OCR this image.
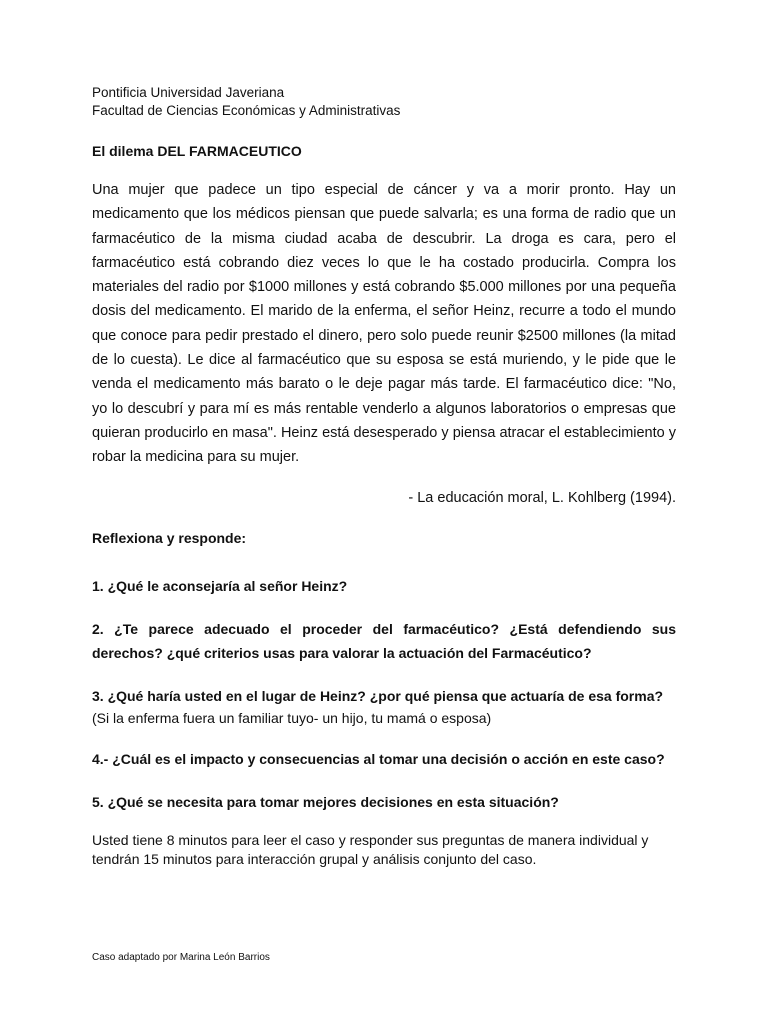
Pontificia Universidad Javeriana

Facultad de Ciencias Económicas y Administrativas

El dilema DEL FARMACEUTICO

Una mujer que padece un tipo especial de cáncer y va a morir pronto. Hay un medicamento que los médicos piensan que puede salvarla; es una forma de radio que un farmacéutico de la misma ciudad acaba de descubrir. La droga es cara, pero el farmacéutico está cobrando diez veces lo que le ha costado producirla. Compra los materiales del radio por $1000 millones y está cobrando $5.000 millones por una pequeña dosis del medicamento. El marido de la enferma, el señor Heinz, recurre a todo el mundo que conoce para pedir prestado el dinero, pero solo puede reunir $2500 millones (la mitad de lo cuesta). Le dice al farmacéutico que su esposa se está muriendo, y le pide que le venda el medicamento más barato o le deje pagar más tarde. El farmacéutico dice: "No, yo lo descubrí y para mí es más rentable venderlo a algunos laboratorios o empresas que quieran producirlo en masa". Heinz está desesperado y piensa atracar el establecimiento y robar la medicina para su mujer.

- La educación moral, L. Kohlberg (1994).

Reflexiona y responde:

1. ¿Qué le aconsejaría al señor Heinz?

2. ¿Te parece adecuado el proceder del farmacéutico? ¿Está defendiendo sus derechos? ¿qué criterios usas para valorar la actuación del Farmacéutico?

3. ¿Qué haría usted en el lugar de Heinz? ¿por qué piensa que actuaría de esa forma?

(Si la enferma fuera un familiar tuyo- un hijo, tu mamá o esposa)

4.- ¿Cuál es el impacto y consecuencias al tomar una decisión o acción en este caso?

5. ¿Qué se necesita para tomar mejores decisiones en esta situación?

Usted tiene 8 minutos para leer el caso y responder sus preguntas de manera individual y tendrán 15 minutos para interacción grupal y análisis conjunto del caso.

Caso adaptado por Marina León Barrios
